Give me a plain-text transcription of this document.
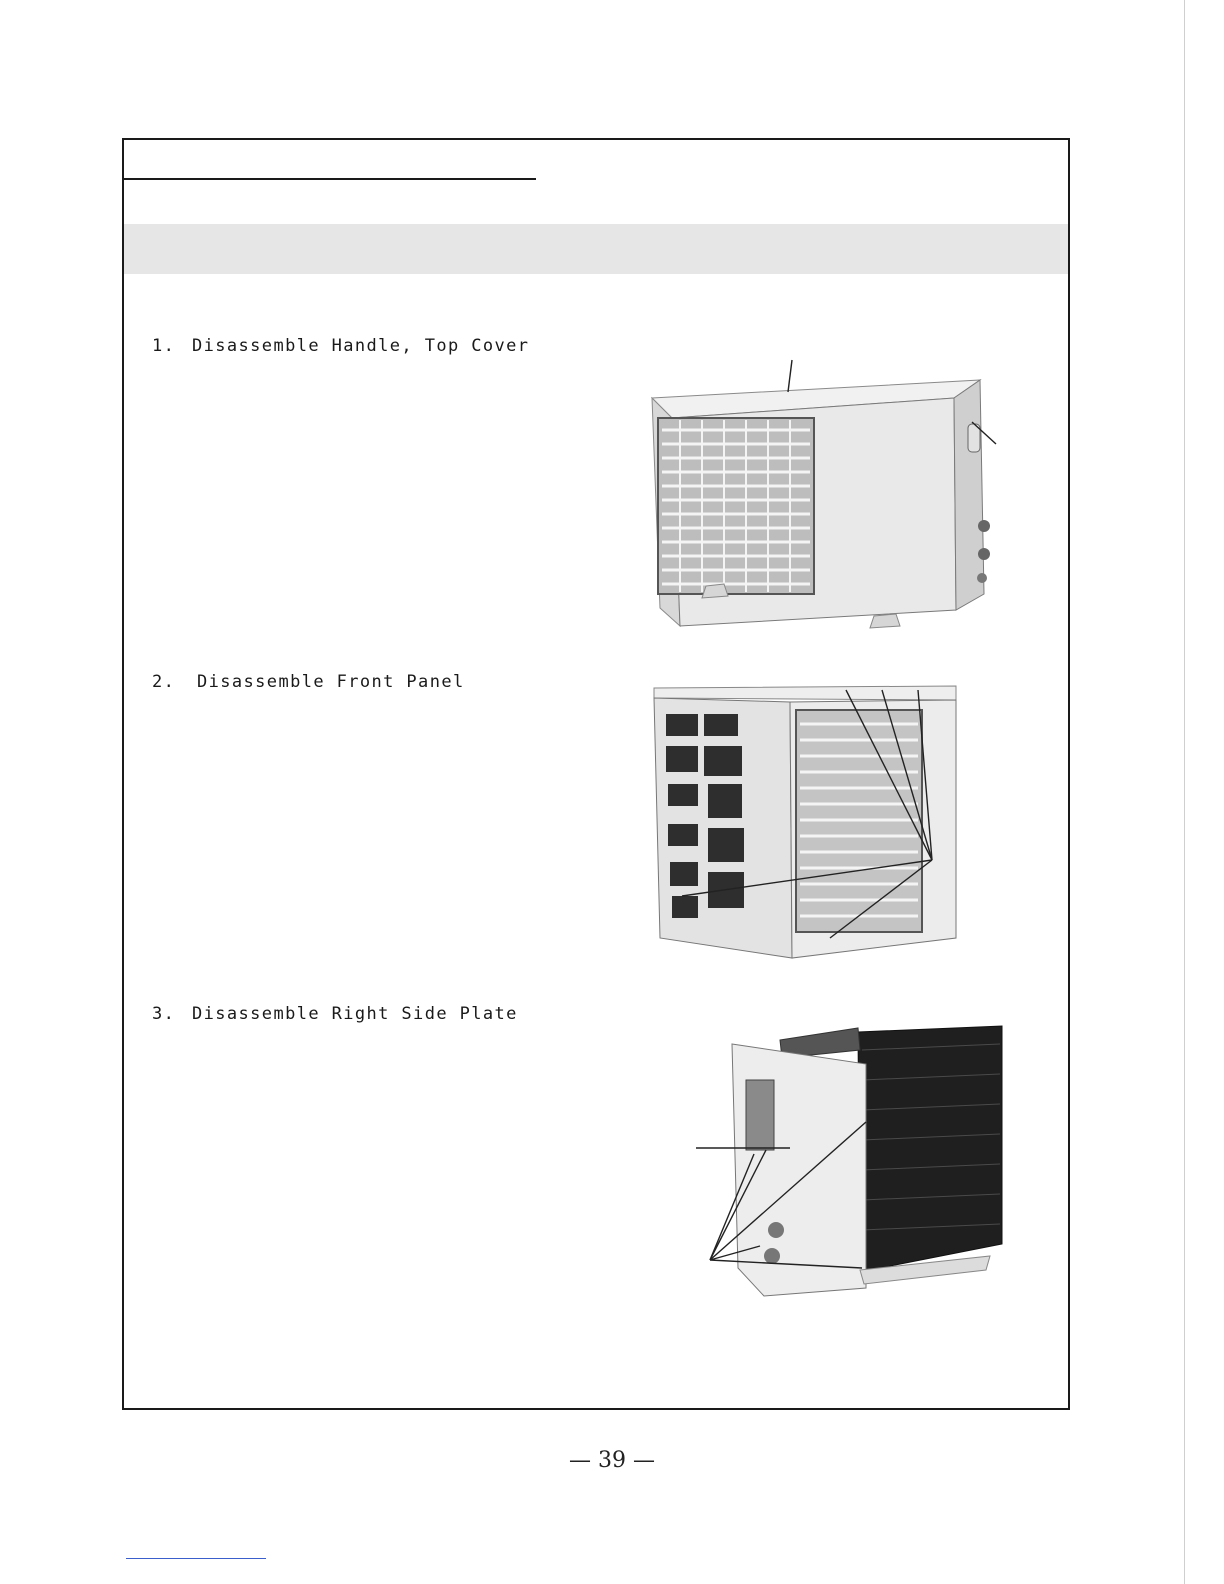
1. Disassemble Handle, Top Cover
2. Disassemble Front Panel
3. Disassemble Right Side Plate
— 39 —
